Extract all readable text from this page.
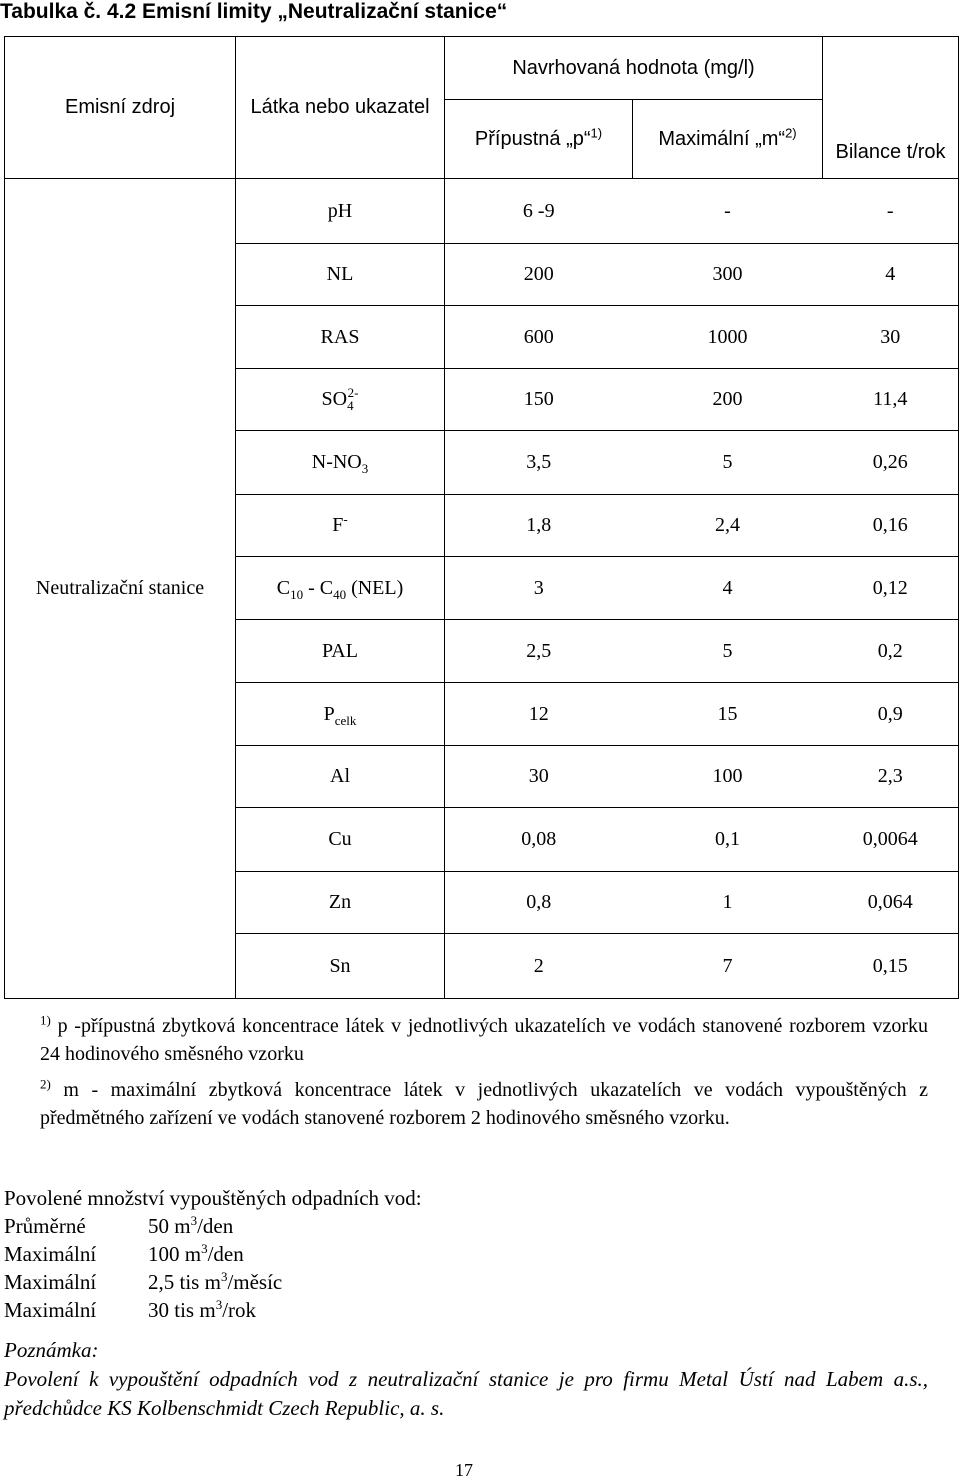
Tabulka č. 4.2 Emisní limity „Neutralizační stanice“
Emisní zdroj	Látka nebo ukazatel	Navrhovaná hodnota (mg/l)		Bilance t/rok
		Přípustná „p“$^{1)}$	Maximální „m“$^{2)}$

Neutralizační stanice	pH	6 -9	-	-
	NL	200	300	4
	RAS	600	1000	30
	$SO_4^{2-}$	150	200	11,4
	$N-NO_3$	3,5	5	0,26
	F-	1,8	2,4	0,16
	$C_{10} - C_{40}$ (NEL)	3	4	0,12
	PAL	2,5	5	0,2
	$P_{celk}$	12	15	0,9
	Al	30	100	2,3
	Cu	0,08	0,1	0,0064
	Zn	0,8	1	0,064
	Sn	2	7	0,15

$^{1)}$ p -přípustná zbytková koncentrace látek v jednotlivých ukazatelích ve vodách stanovené rozborem vzorku 24 hodinového směsného vzorku

$^{2)}$ m - maximální zbytková koncentrace látek v jednotlivých ukazatelích ve vodách vypouštěných z předmětného zařízení ve vodách stanovené rozborem 2 hodinového směsného vzorku.

Povolené množství vypouštěných odpadních vod:
Průměrné	50 $m^3$/den
Maximální	100 $m^3$/den
Maximální	2,5 tis $m^3$/měsíc
Maximální	30 tis $m^3$/rok

Poznámka:

Povolení k vypouštění odpadních vod z neutralizační stanice je pro firmu Metal Ústí nad Labem a.s., předchůdce KS Kolbenschmidt Czech Republic, a. s.

17
